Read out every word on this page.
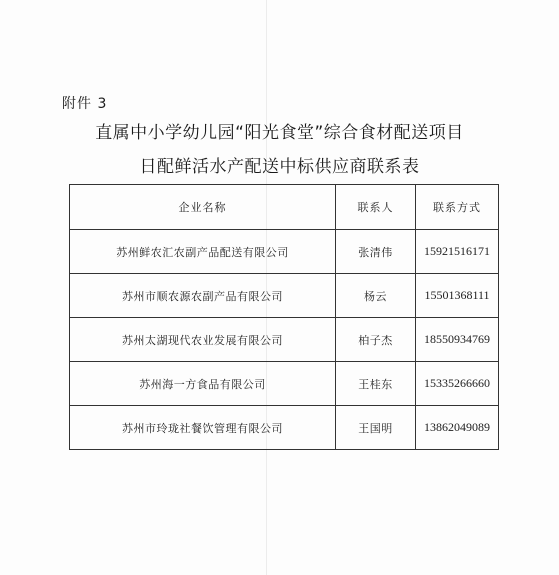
附件 3
直属中小学幼儿园“阳光食堂”综合食材配送项目
日配鲜活水产配送中标供应商联系表
企业名称	联系人	联系方式
苏州鲜农汇农副产品配送有限公司	张清伟	15921516171
苏州市顺农源农副产品有限公司	杨云	15501368111
苏州太湖现代农业发展有限公司	柏子杰	18550934769
苏州海一方食品有限公司	王桂东	15335266660
苏州市玲珑社餐饮管理有限公司	王国明	13862049089
